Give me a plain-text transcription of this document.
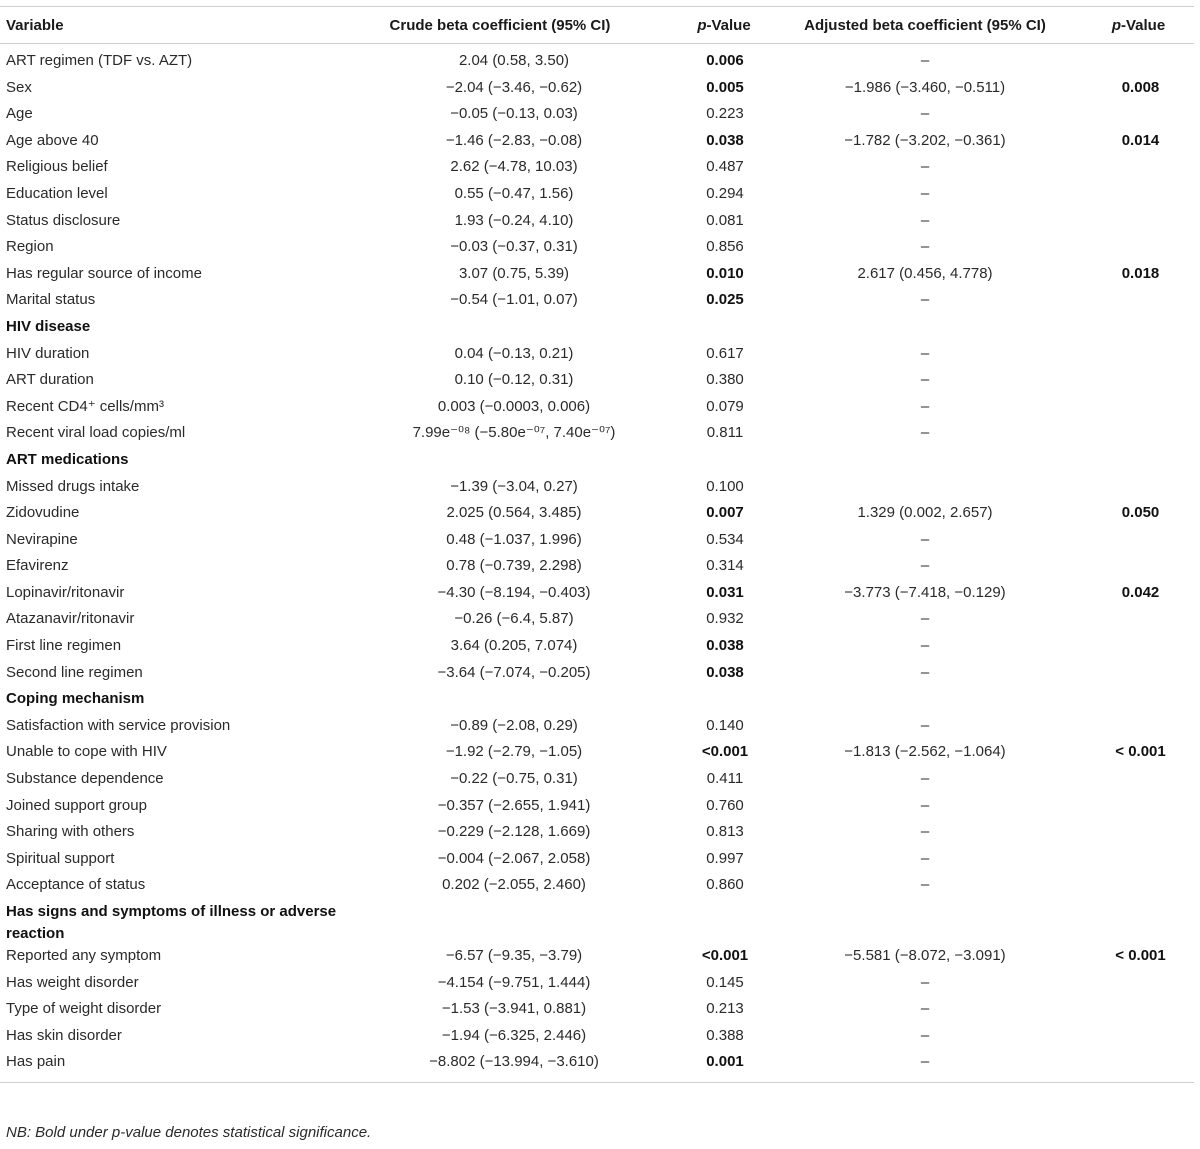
Variable	Crude beta coefficient (95% CI)	p-Value	Adjusted beta coefficient (95% CI)	p-Value
ART regimen (TDF vs. AZT)	2.04 (0.58, 3.50)	0.006	–	
Sex	−2.04 (−3.46, −0.62)	0.005	−1.986 (−3.460, −0.511)	0.008
Age	−0.05 (−0.13, 0.03)	0.223	–	
Age above 40	−1.46 (−2.83, −0.08)	0.038	−1.782 (−3.202, −0.361)	0.014
Religious belief	2.62 (−4.78, 10.03)	0.487	–	
Education level	0.55 (−0.47, 1.56)	0.294	–	
Status disclosure	1.93 (−0.24, 4.10)	0.081	–	
Region	−0.03 (−0.37, 0.31)	0.856	–	
Has regular source of income	3.07 (0.75, 5.39)	0.010	2.617 (0.456, 4.778)	0.018
Marital status	−0.54 (−1.01, 0.07)	0.025	–	
HIV disease				
HIV duration	0.04 (−0.13, 0.21)	0.617	–	
ART duration	0.10 (−0.12, 0.31)	0.380	–	
Recent CD4⁺ cells/mm³	0.003 (−0.0003, 0.006)	0.079	–	
Recent viral load copies/ml	7.99e⁻⁰⁸ (−5.80e⁻⁰⁷, 7.40e⁻⁰⁷)	0.811	–	
ART medications				
Missed drugs intake	−1.39 (−3.04, 0.27)	0.100		
Zidovudine	2.025 (0.564, 3.485)	0.007	1.329 (0.002, 2.657)	0.050
Nevirapine	0.48 (−1.037, 1.996)	0.534	–	
Efavirenz	0.78 (−0.739, 2.298)	0.314	–	
Lopinavir/ritonavir	−4.30 (−8.194, −0.403)	0.031	−3.773 (−7.418, −0.129)	0.042
Atazanavir/ritonavir	−0.26 (−6.4, 5.87)	0.932	–	
First line regimen	3.64 (0.205, 7.074)	0.038	–	
Second line regimen	−3.64 (−7.074, −0.205)	0.038	–	
Coping mechanism				
Satisfaction with service provision	−0.89 (−2.08, 0.29)	0.140	–	
Unable to cope with HIV	−1.92 (−2.79, −1.05)	<0.001	−1.813 (−2.562, −1.064)	< 0.001
Substance dependence	−0.22 (−0.75, 0.31)	0.411	–	
Joined support group	−0.357 (−2.655, 1.941)	0.760	–	
Sharing with others	−0.229 (−2.128, 1.669)	0.813	–	
Spiritual support	−0.004 (−2.067, 2.058)	0.997	–	
Acceptance of status	0.202 (−2.055, 2.460)	0.860	–	
Has signs and symptoms of illness or adverse reaction				
Reported any symptom	−6.57 (−9.35, −3.79)	<0.001	−5.581 (−8.072, −3.091)	< 0.001
Has weight disorder	−4.154 (−9.751, 1.444)	0.145	–	
Type of weight disorder	−1.53 (−3.941, 0.881)	0.213	–	
Has skin disorder	−1.94 (−6.325, 2.446)	0.388	–	
Has pain	−8.802 (−13.994, −3.610)	0.001	–	
NB: Bold under p-value denotes statistical significance.
